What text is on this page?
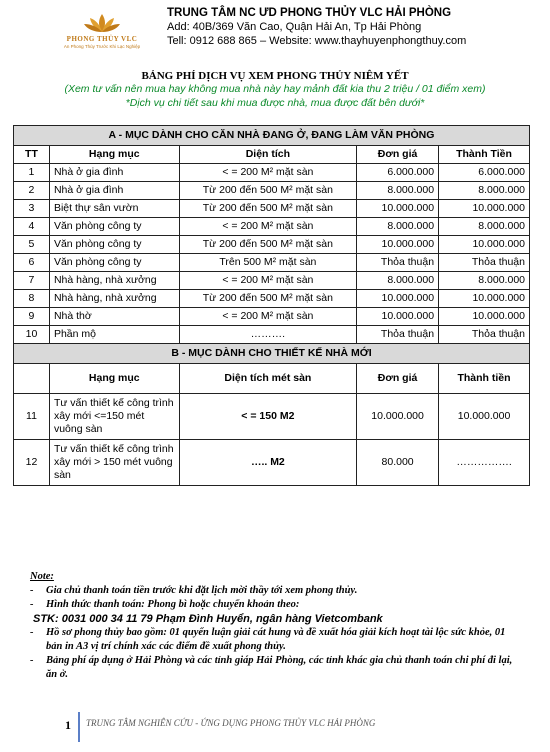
PHONG THỦY VLC
An Phong Thủy Trước Khi Lạc Nghiệp
TRUNG TÂM NC ƯD PHONG THỦY VLC HẢI PHÒNG
Add: 40B/369 Văn Cao, Quận Hải An, Tp Hải Phòng
Tell: 0912 688 865 – Website: www.thayhuyenphongthuy.com
BẢNG PHÍ DỊCH VỤ XEM PHONG THỦY NIÊM YẾT
(Xem tư vấn nên mua hay không mua nhà này hay mảnh đất kia thu 2 triệu / 01 điểm xem)
*Dịch vụ chi tiết sau khi mua được nhà, mua được đất bên dưới*
A - MỤC DÀNH CHO CĂN NHÀ ĐANG Ở, ĐANG LÀM VĂN PHÒNG				
TT	Hạng mục	Diện tích	Đơn giá	Thành Tiền
1	Nhà ở gia đình	< = 200 M² mặt sàn	6.000.000	6.000.000
2	Nhà ở gia đình	Từ 200 đến 500 M² mặt sàn	8.000.000	8.000.000
3	Biệt thự sân vườn	Từ 200 đến 500 M² mặt sàn	10.000.000	10.000.000
4	Văn phòng công ty	< = 200 M² mặt sàn	8.000.000	8.000.000
5	Văn phòng công ty	Từ 200 đến 500 M² mặt sàn	10.000.000	10.000.000
6	Văn phòng công ty	Trên 500 M² mặt sàn	Thỏa thuận	Thỏa thuận
7	Nhà hàng, nhà xưởng	< = 200 M² mặt sàn	8.000.000	8.000.000
8	Nhà hàng, nhà xưởng	Từ 200 đến 500 M² mặt sàn	10.000.000	10.000.000
9	Nhà thờ	< = 200 M² mặt sàn	10.000.000	10.000.000
10	Phần mộ	……….	Thỏa thuận	Thỏa thuận
B - MỤC DÀNH CHO THIẾT KẾ NHÀ MỚI				
	Hạng mục	Diện tích mét sàn	Đơn giá	Thành tiền
11	Tư vấn thiết kế công trình xây mới <=150 mét vuông sàn	< = 150 M2	10.000.000	10.000.000
12	Tư vấn thiết kế công trình xây mới > 150 mét vuông sàn	….. M2	80.000	…………….
Note:
-	Gia chủ thanh toán tiền trước khi đặt lịch mời thầy tới xem phong thủy.
-	Hình thức thanh toán: Phong bì hoặc chuyển khoản theo:
STK: 0031 000 34 11 79 Phạm Đình Huyển, ngân hàng Vietcombank
-	Hồ sơ phong thủy bao gồm: 01 quyển luận giải cát hung và đề xuất hóa giải kích hoạt tài lộc sức khỏe, 01 bản in A3 vị trí chính xác các điểm đề xuất phong thủy.
-	Bảng phí áp dụng ở Hải Phòng và các tỉnh giáp Hải Phòng, các tỉnh khác gia chủ thanh toán chi phí đi lại, ăn ở.
1 TRUNG TÂM NGHIÊN CỨU - ỨNG DỤNG PHONG THỦY VLC HẢI PHÒNG
